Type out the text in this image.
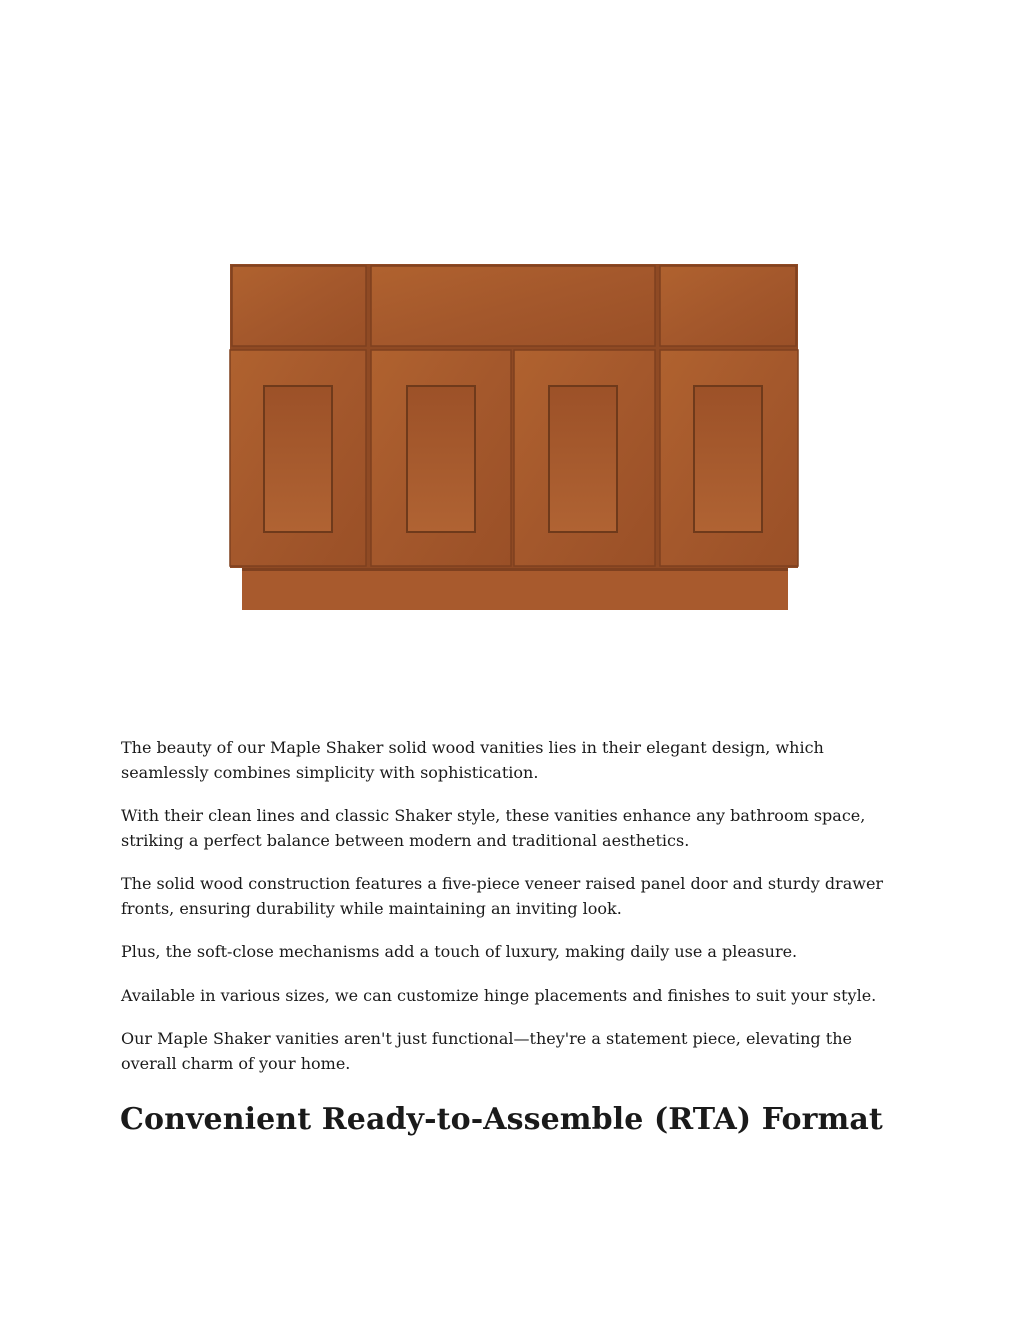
The beauty of our Maple Shaker solid wood vanities lies in their elegant design, which seamlessly combines simplicity with sophistication.

With their clean lines and classic Shaker style, these vanities enhance any bathroom space, striking a perfect balance between modern and traditional aesthetics.

The solid wood construction features a five-piece veneer raised panel door and sturdy drawer fronts, ensuring durability while maintaining an inviting look.

Plus, the soft-close mechanisms add a touch of luxury, making daily use a pleasure.

Available in various sizes, we can customize hinge placements and finishes to suit your style.

Our Maple Shaker vanities aren't just functional—they're a statement piece, elevating the overall charm of your home.

Convenient Ready-to-Assemble (RTA) Format
